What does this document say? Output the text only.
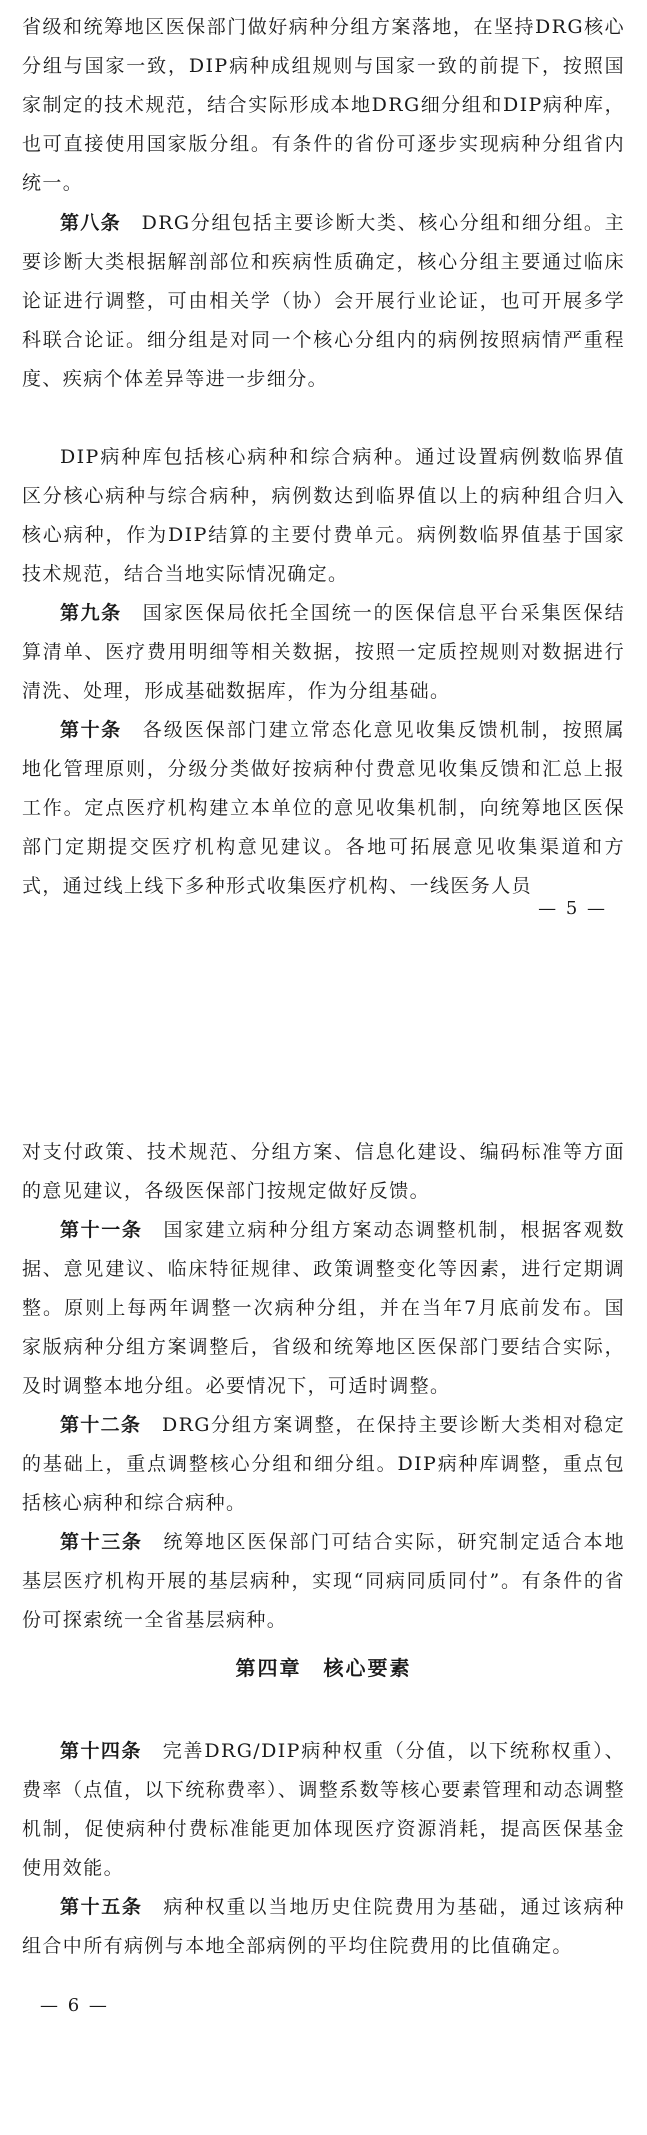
省级和统筹地区医保部门做好病种分组方案落地，在坚持DRG核心分组与国家一致，DIP病种成组规则与国家一致的前提下，按照国家制定的技术规范，结合实际形成本地DRG细分组和DIP病种库，也可直接使用国家版分组。有条件的省份可逐步实现病种分组省内统一。

第八条　 DRG分组包括主要诊断大类、核心分组和细分组。主要诊断大类根据解剖部位和疾病性质确定，核心分组主要通过临床论证进行调整，可由相关学（协）会开展行业论证，也可开展多学科联合论证。细分组是对同一个核心分组内的病例按照病情严重程度、疾病个体差异等进一步细分。

DIP病种库包括核心病种和综合病种。通过设置病例数临界值区分核心病种与综合病种，病例数达到临界值以上的病种组合归入核心病种，作为DIP结算的主要付费单元。病例数临界值基于国家技术规范，结合当地实际情况确定。

第九条　 国家医保局依托全国统一的医保信息平台采集医保结算清单、医疗费用明细等相关数据，按照一定质控规则对数据进行清洗、处理，形成基础数据库，作为分组基础。

第十条　 各级医保部门建立常态化意见收集反馈机制，按照属地化管理原则，分级分类做好按病种付费意见收集反馈和汇总上报工作。定点医疗机构建立本单位的意见收集机制，向统筹地区医保部门定期提交医疗机构意见建议。各地可拓展意见收集渠道和方式，通过线上线下多种形式收集医疗机构、一线医务人员

— 5 —

对支付政策、技术规范、分组方案、信息化建设、编码标准等方面的意见建议，各级医保部门按规定做好反馈。

第十一条　 国家建立病种分组方案动态调整机制，根据客观数据、意见建议、临床特征规律、政策调整变化等因素，进行定期调整。原则上每两年调整一次病种分组，并在当年7月底前发布。国家版病种分组方案调整后，省级和统筹地区医保部门要结合实际，及时调整本地分组。必要情况下，可适时调整。

第十二条　 DRG分组方案调整，在保持主要诊断大类相对稳定的基础上，重点调整核心分组和细分组。DIP病种库调整，重点包括核心病种和综合病种。

第十三条　 统筹地区医保部门可结合实际，研究制定适合本地基层医疗机构开展的基层病种，实现“同病同质同付”。有条件的省份可探索统一全省基层病种。

第四章　核心要素

第十四条　 完善DRG/DIP病种权重（分值，以下统称权重）、费率（点值，以下统称费率）、调整系数等核心要素管理和动态调整机制，促使病种付费标准能更加体现医疗资源消耗，提高医保基金使用效能。

第十五条　 病种权重以当地历史住院费用为基础，通过该病种组合中所有病例与本地全部病例的平均住院费用的比值确定。

— 6 —
